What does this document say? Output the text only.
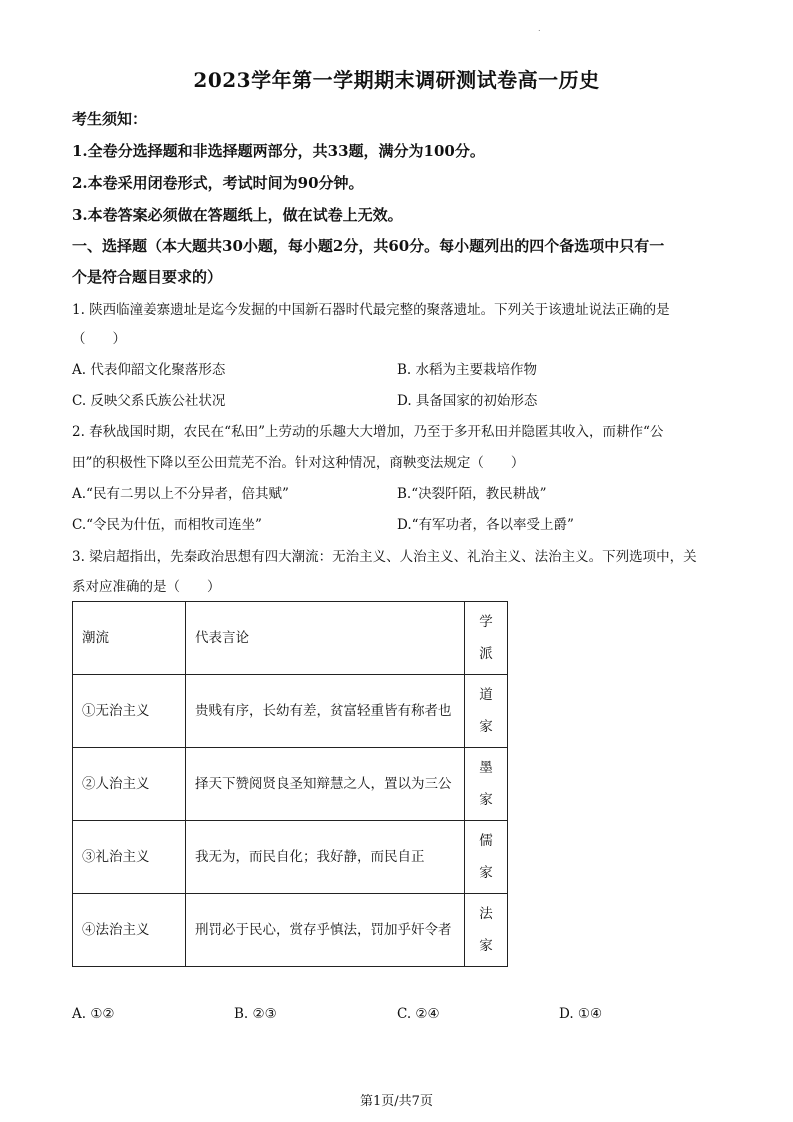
.
2023学年第一学期期末调研测试卷高一历史
考生须知：
1.全卷分选择题和非选择题两部分，共33题，满分为100分。
2.本卷采用闭卷形式，考试时间为90分钟。
3.本卷答案必须做在答题纸上，做在试卷上无效。
一、选择题（本大题共30小题，每小题2分，共60分。每小题列出的四个备选项中只有一
个是符合题目要求的）
1. 陕西临潼姜寨遗址是迄今发掘的中国新石器时代最完整的聚落遗址。下列关于该遗址说法正确的是
（　　）
A. 代表仰韶文化聚落形态	B. 水稻为主要栽培作物
C. 反映父系氏族公社状况	D. 具备国家的初始形态
2. 春秋战国时期，农民在“私田”上劳动的乐趣大大增加，乃至于多开私田并隐匿其收入，而耕作“公
田”的积极性下降以至公田荒芜不治。针对这种情况，商鞅变法规定（　　）
A.“民有二男以上不分异者，倍其赋”	B.“决裂阡陌，教民耕战”
C.“令民为什伍，而相牧司连坐”	D.“有军功者，各以率受上爵”
3. 梁启超指出，先秦政治思想有四大潮流：无治主义、人治主义、礼治主义、法治主义。下列选项中，关
系对应准确的是（　　）
潮流	代表言论	学派
①无治主义	贵贱有序，长幼有差，贫富轻重皆有称者也	道家
②人治主义	择天下赞阅贤良圣知辩慧之人，置以为三公	墨家
③礼治主义	我无为，而民自化；我好静，而民自正	儒家
④法治主义	刑罚必于民心，赏存乎慎法，罚加乎奸令者	法家
A. ①②	B. ②③	C. ②④	D. ①④
第1页/共7页
